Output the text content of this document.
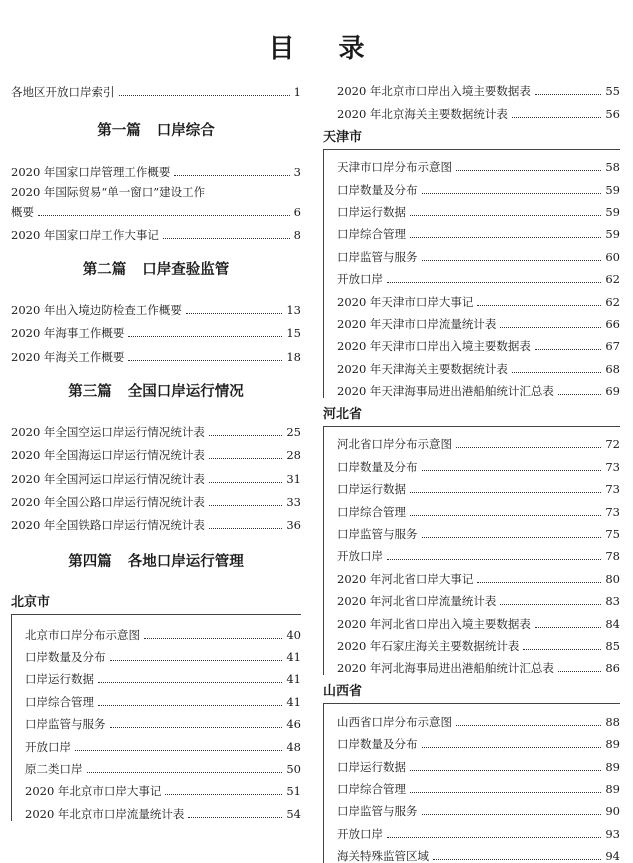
目 录
各地区开放口岸索引	1
第一篇 口岸综合
2020 年国家口岸管理工作概要	3
2020 年国际贸易“单一窗口”建设工作
概要	6
2020 年国家口岸工作大事记	8
第二篇 口岸查验监管
2020 年出入境边防检查工作概要	13
2020 年海事工作概要	15
2020 年海关工作概要	18
第三篇 全国口岸运行情况
2020 年全国空运口岸运行情况统计表	25
2020 年全国海运口岸运行情况统计表	28
2020 年全国河运口岸运行情况统计表	31
2020 年全国公路口岸运行情况统计表	33
2020 年全国铁路口岸运行情况统计表	36
第四篇 各地口岸运行管理
北京市
北京市口岸分布示意图	40
口岸数量及分布	41
口岸运行数据	41
口岸综合管理	41
口岸监管与服务	46
开放口岸	48
原二类口岸	50
2020 年北京市口岸大事记	51
2020 年北京市口岸流量统计表	54
2020 年北京市口岸出入境主要数据表	55
2020 年北京海关主要数据统计表	56
天津市
天津市口岸分布示意图	58
口岸数量及分布	59
口岸运行数据	59
口岸综合管理	59
口岸监管与服务	60
开放口岸	62
2020 年天津市口岸大事记	62
2020 年天津市口岸流量统计表	66
2020 年天津市口岸出入境主要数据表	67
2020 年天津海关主要数据统计表	68
2020 年天津海事局进出港船舶统计汇总表	69
河北省
河北省口岸分布示意图	72
口岸数量及分布	73
口岸运行数据	73
口岸综合管理	73
口岸监管与服务	75
开放口岸	78
2020 年河北省口岸大事记	80
2020 年河北省口岸流量统计表	83
2020 年河北省口岸出入境主要数据表	84
2020 年石家庄海关主要数据统计表	85
2020 年河北海事局进出港船舶统计汇总表	86
山西省
山西省口岸分布示意图	88
口岸数量及分布	89
口岸运行数据	89
口岸综合管理	89
口岸监管与服务	90
开放口岸	93
海关特殊监管区域	94
